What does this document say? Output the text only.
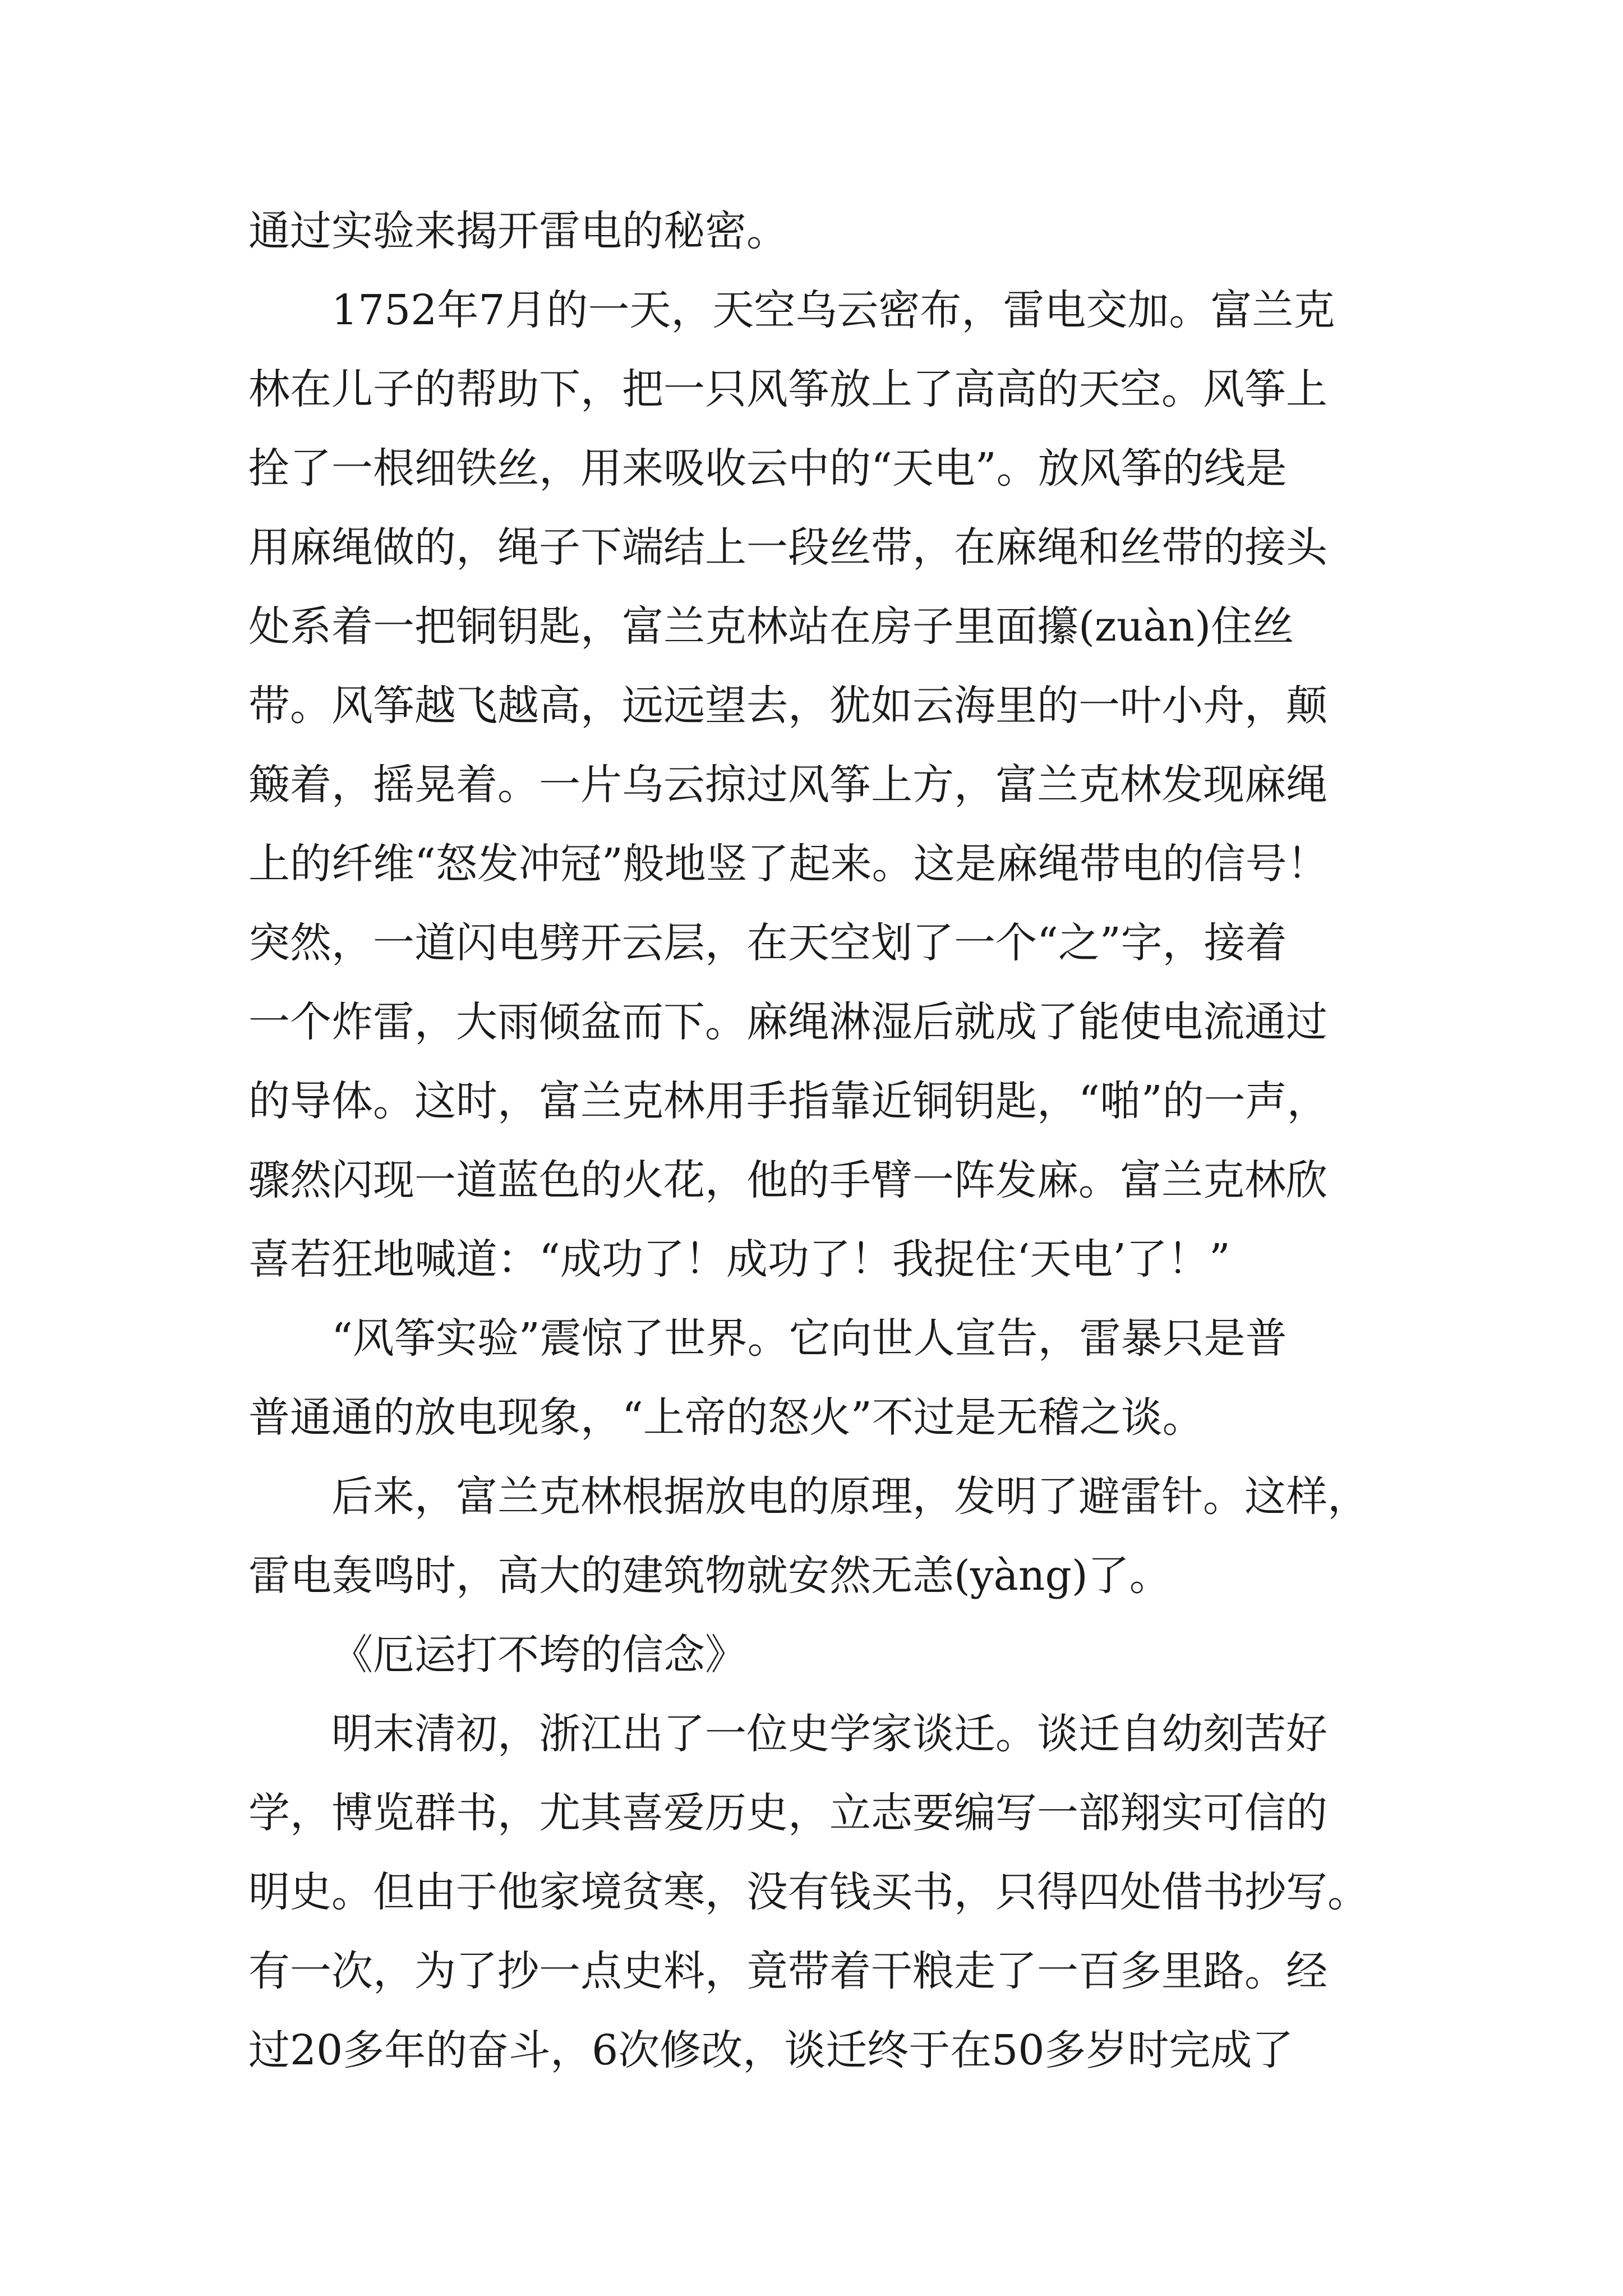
通过实验来揭开雷电的秘密。
1752年7月的一天，天空乌云密布，雷电交加。富兰克
林在儿子的帮助下，把一只风筝放上了高高的天空。风筝上
拴了一根细铁丝，用来吸收云中的“天电”。放风筝的线是
用麻绳做的，绳子下端结上一段丝带，在麻绳和丝带的接头
处系着一把铜钥匙，富兰克林站在房子里面攥(zuàn)住丝
带。风筝越飞越高，远远望去，犹如云海里的一叶小舟，颠
簸着，摇晃着。一片乌云掠过风筝上方，富兰克林发现麻绳
上的纤维“怒发冲冠”般地竖了起来。这是麻绳带电的信号！
突然，一道闪电劈开云层，在天空划了一个“之”字，接着
一个炸雷，大雨倾盆而下。麻绳淋湿后就成了能使电流通过
的导体。这时，富兰克林用手指靠近铜钥匙，“啪”的一声，
骤然闪现一道蓝色的火花，他的手臂一阵发麻。富兰克林欣
喜若狂地喊道：“成功了！成功了！我捉住‘天电’了！”
“风筝实验”震惊了世界。它向世人宣告，雷暴只是普
普通通的放电现象，“上帝的怒火”不过是无稽之谈。
后来，富兰克林根据放电的原理，发明了避雷针。这样，
雷电轰鸣时，高大的建筑物就安然无恙(yàng)了。
《厄运打不垮的信念》
明末清初，浙江出了一位史学家谈迁。谈迁自幼刻苦好
学，博览群书，尤其喜爱历史，立志要编写一部翔实可信的
明史。但由于他家境贫寒，没有钱买书，只得四处借书抄写。
有一次，为了抄一点史料，竟带着干粮走了一百多里路。经
过20多年的奋斗，6次修改，谈迁终于在50多岁时完成了
